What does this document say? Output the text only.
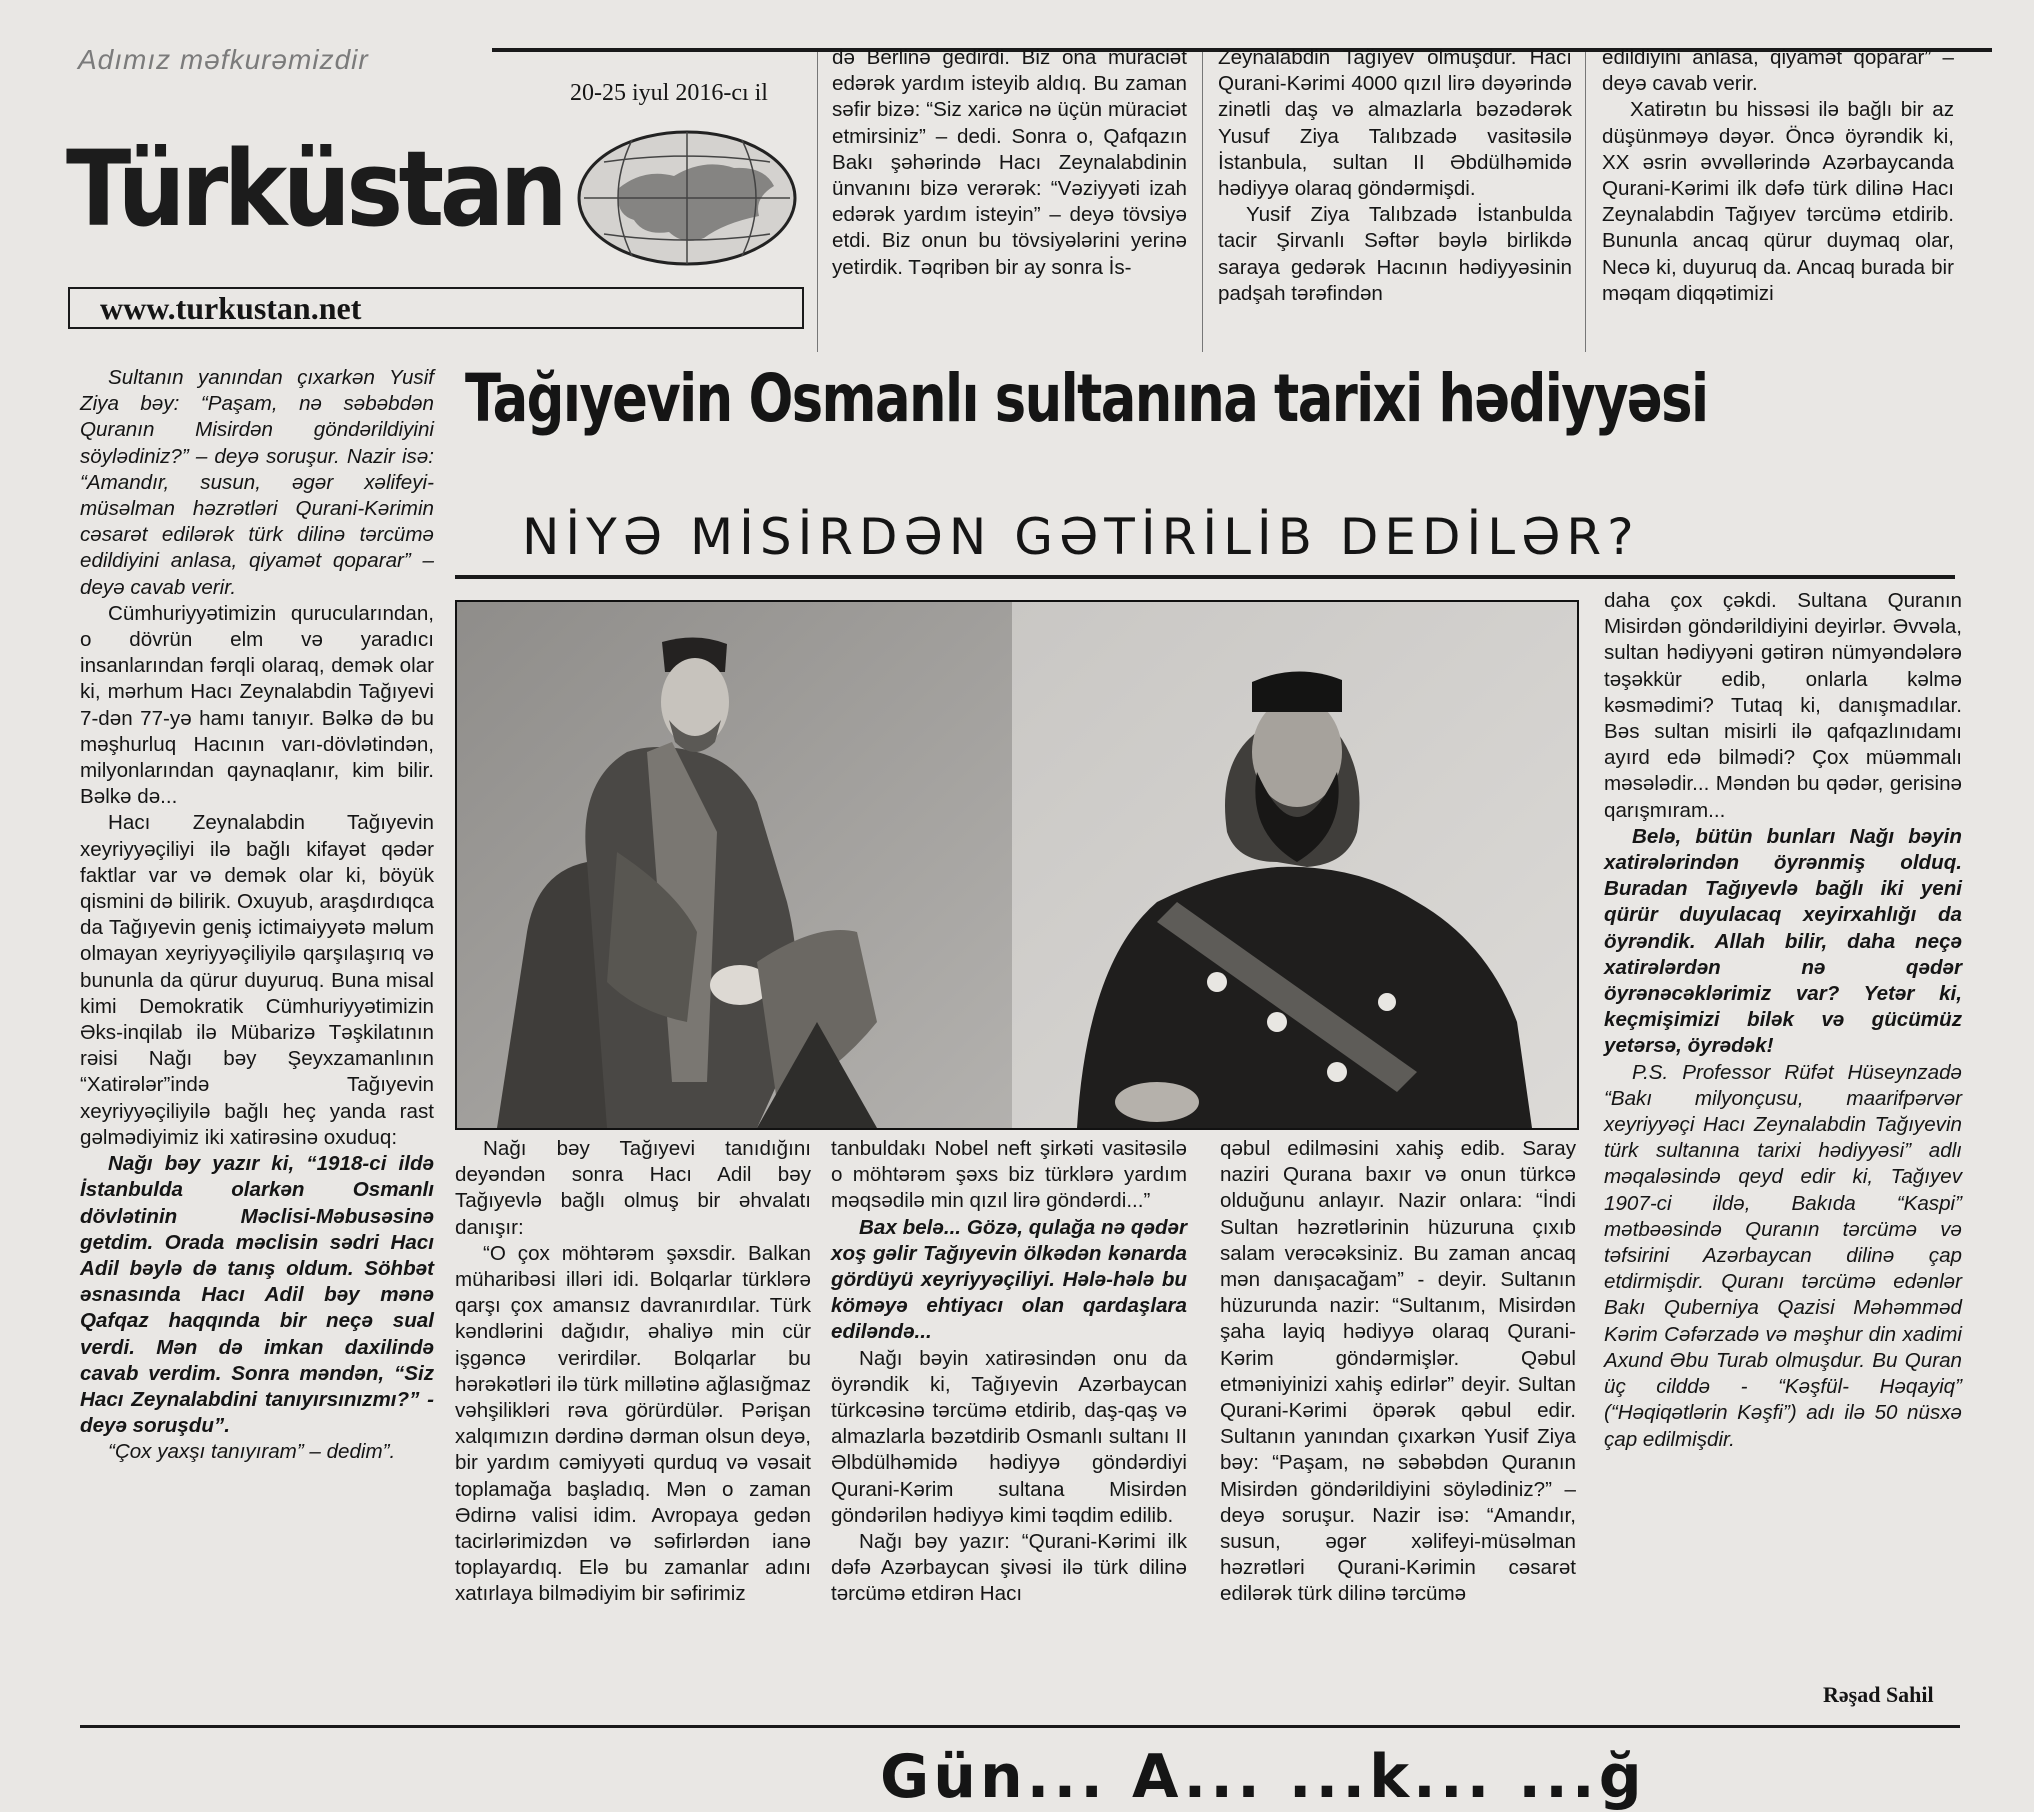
Adımız məfkurəmizdir
20-25 iyul 2016-cı il
Türküstan
www.turkustan.net

də Berlinə gedirdi. Biz ona müraciət edərək yardım isteyib aldıq. Bu zaman səfir bizə: “Siz xaricə nə üçün müraciət etmirsiniz” – dedi. Sonra o, Qafqazın Bakı şəhərində Hacı Zeynalabdinin ünvanını bizə verərək: “Vəziyyəti izah edərək yardım isteyin” – deyə tövsiyə etdi. Biz onun bu tövsiyələrini yerinə yetirdik. Təqribən bir ay sonra İs-

Zeynalabdin Tağıyev olmuşdur. Hacı Qurani-Kərimi 4000 qızıl lirə dəyərində zinətli daş və almazlarla bəzədərək Yusuf Ziya Talıbzadə vasitəsilə İstanbula, sultan II Əbdülhəmidə hədiyyə olaraq göndərmişdi.

Yusif Ziya Talıbzadə İstanbulda tacir Şirvanlı Səftər bəylə birlikdə saraya gedərək Hacının hədiyyəsinin padşah tərəfindən

edildiyini anlasa, qiyamət qoparar” – deyə cavab verir.

Xatirətın bu hissəsi ilə bağlı bir az düşünməyə dəyər. Öncə öyrəndik ki, XX əsrin əvvəllərində Azərbaycanda Qurani-Kərimi ilk dəfə türk dilinə Hacı Zeynalabdin Tağıyev tərcümə etdirib. Bununla ancaq qürur duymaq olar, Necə ki, duyuruq da. Ancaq burada bir məqam diqqətimizi

Tağıyevin Osmanlı sultanına tarixi hədiyyəsi
NİYƏ MİSİRDƏN GƏTİRİLİB DEDİLƏR?

Sultanın yanından çıxarkən Yusif Ziya bəy: “Paşam, nə səbəbdən Quranın Misirdən göndərildiyini söylədiniz?” – deyə soruşur. Nazir isə: “Amandır, susun, əgər xəlifeyi-müsəlman həzrətləri Qurani-Kərimin cəsarət edilərək türk dilinə tərcümə edildiyini anlasa, qiyamət qoparar” – deyə cavab verir.

Cümhuriyyətimizin qurucularından, o dövrün elm və yaradıcı insanlarından fərqli olaraq, demək olar ki, mərhum Hacı Zeynalabdin Tağıyevi 7-dən 77-yə hamı tanıyır. Bəlkə də bu məşhurluq Hacının varı-dövlətindən, milyonlarından qaynaqlanır, kim bilir. Bəlkə də...

Hacı Zeynalabdin Tağıyevin xeyriyyəçiliyi ilə bağlı kifayət qədər faktlar var və demək olar ki, böyük qismini də bilirik. Oxuyub, araşdırdıqca da Tağıyevin geniş ictimaiyyətə məlum olmayan xeyriyyəçiliyilə qarşılaşırıq və bununla da qürur duyuruq. Buna misal kimi Demokratik Cümhuriyyətimizin Əks-inqilab ilə Mübarizə Təşkilatının rəisi Nağı bəy Şeyxzamanlının “Xatirələr”ində Tağıyevin xeyriyyəçiliyilə bağlı heç yanda rast gəlmədiyimiz iki xatirəsinə oxuduq:

Nağı bəy yazır ki, “1918-ci ildə İstanbulda olarkən Osmanlı dövlətinin Məclisi-Məbusəsinə getdim. Orada məclisin sədri Hacı Adil bəylə də tanış oldum. Söhbət əsnasında Hacı Adil bəy mənə Qafqaz haqqında bir neçə sual verdi. Mən də imkan daxilində cavab verdim. Sonra məndən, “Siz Hacı Zeynalabdini tanıyırsınızmı?” - deyə soruşdu”.

“Çox yaxşı tanıyıram” – dedim”.

Nağı bəy Tağıyevi tanıdığını deyəndən sonra Hacı Adil bəy Tağıyevlə bağlı olmuş bir əhvalatı danışır:

“O çox möhtərəm şəxsdir. Balkan müharibəsi illəri idi. Bolqarlar türklərə qarşı çox amansız davranırdılar. Türk kəndlərini dağıdır, əhaliyə min cür işgəncə verirdilər. Bolqarlar bu hərəkətləri ilə türk millətinə ağlasığmaz vəhşilikləri rəva görürdülər. Pərişan xalqımızın dərdinə dərman olsun deyə, bir yardım cəmiyyəti qurduq və vəsait toplamağa başladıq. Mən o zaman Ədirnə valisi idim. Avropaya gedən tacirlərimizdən və səfirlərdən ianə toplayardıq. Elə bu zamanlar adını xatırlaya bilmədiyim bir səfirimiz

tanbuldakı Nobel neft şirkəti vasitəsilə o möhtərəm şəxs biz türklərə yardım məqsədilə min qızıl lirə göndərdi...”

Bax belə... Gözə, qulağa nə qədər xoş gəlir Tağıyevin ölkədən kənarda gördüyü xeyriyyəçiliyi. Hələ-hələ bu köməyə ehtiyacı olan qardaşlara ediləndə...

Nağı bəyin xatirəsindən onu da öyrəndik ki, Tağıyevin Azərbaycan türkcəsinə tərcümə etdirib, daş-qaş və almazlarla bəzətdirib Osmanlı sultanı II Əlbdülhəmidə hədiyyə göndərdiyi Qurani-Kərim sultana Misirdən göndərilən hədiyyə kimi təqdim edilib.

Nağı bəy yazır: “Qurani-Kərimi ilk dəfə Azərbaycan şivəsi ilə türk dilinə tərcümə etdirən Hacı

qəbul edilməsini xahiş edib. Saray naziri Qurana baxır və onun türkcə olduğunu anlayır. Nazir onlara: “İndi Sultan həzrətlərinin hüzuruna çıxıb salam verəcəksiniz. Bu zaman ancaq mən danışacağam” - deyir. Sultanın hüzurunda nazir: “Sultanım, Misirdən şaha layiq hədiyyə olaraq Qurani-Kərim göndərmişlər. Qəbul etməniyinizi xahiş edirlər” deyir. Sultan Qurani-Kərimi öpərək qəbul edir. Sultanın yanından çıxarkən Yusif Ziya bəy: “Paşam, nə səbəbdən Quranın Misirdən göndərildiyini söylədiniz?” – deyə soruşur. Nazir isə: “Amandır, susun, əgər xəlifeyi-müsəlman həzrətləri Qurani-Kərimin cəsarət edilərək türk dilinə tərcümə

daha çox çəkdi. Sultana Quranın Misirdən göndərildiyini deyirlər. Əvvəla, sultan hədiyyəni gətirən nümyəndələrə təşəkkür edib, onlarla kəlmə kəsmədimi? Tutaq ki, danışmadılar. Bəs sultan misirli ilə qafqazlınıdamı ayırd edə bilmədi? Çox müəmmalı məsələdir... Məndən bu qədər, gerisinə qarışmıram...

Belə, bütün bunları Nağı bəyin xatirələrindən öyrənmiş olduq. Buradan Tağıyevlə bağlı iki yeni qürür duyulacaq xeyirxahlığı da öyrəndik. Allah bilir, daha neçə xatirələrdən nə qədər öyrənəcəklərimiz var? Yetər ki, keçmişimizi bilək və gücümüz yetərsə, öyrədək!

P.S. Professor Rüfət Hüseynzadə “Bakı milyonçusu, maarifpərvər xeyriyyəçi Hacı Zeynalabdin Tağıyevin türk sultanına tarixi hədiyyəsi” adlı məqaləsində qeyd edir ki, Tağıyev 1907-ci ildə, Bakıda “Kaspi” mətbəəsində Quranın tərcümə və təfsirini Azərbaycan dilinə çap etdirmişdir. Quranı tərcümə edənlər Bakı Quberniya Qazisi Məhəmməd Kərim Cəfərzadə və məşhur din xadimi Axund Əbu Turab olmuşdur. Bu Quran üç cilddə - “Kəşfül- Həqayiq” (“Həqiqətlərin Kəşfi”) adı ilə 50 nüsxə çap edilmişdir.

Rəşad Sahil
Gün... A... ...k... ...ğ
